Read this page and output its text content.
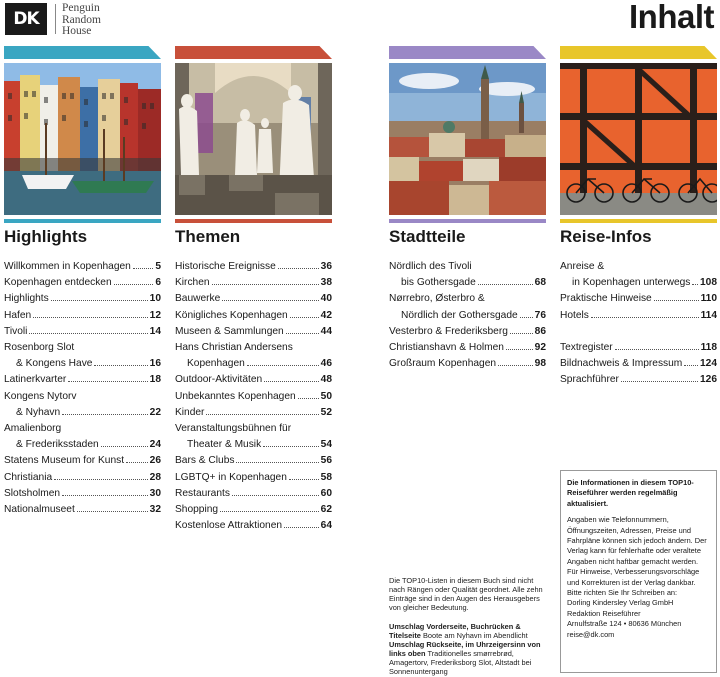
DK
Penguin
Random
House	Inhalt
Highlights
Willkommen in Kopenhagen 5
Kopenhagen entdecken	6
Highlights	10
Hafen	12
Tivoli	14
Rosenborg Slot
& Kongens Have	16
Latinerkvarter	18
Kongens Nytorv
& Nyhavn	22
Amalienborg
& Frederiksstaden	24
Statens Museum for Kunst	26
Christiania	28
Slotsholmen	30
Nationalmuseet	32
Themen
Historische Ereignisse	36
Kirchen	38
Bauwerke	40
Königliches Kopenhagen	42
Museen & Sammlungen	44
Hans Christian Andersens
Kopenhagen	46
Outdoor-Aktivitäten	48
Unbekanntes Kopenhagen 50
Kinder	52
Veranstaltungsbühnen für
Theater & Musik	54
Bars & Clubs	56
LGBTQ+ in Kopenhagen	58
Restaurants	60
Shopping	62
Kostenlose Attraktionen	64
Stadtteile
Nördlich des Tivoli
bis Gothersgade	68
Nørrebro, Østerbro &
Nördlich der Gothersgade 76
Vesterbro & Frederiksberg	86
Christianshavn & Holmen	92
Großraum Kopenhagen	98
Reise-Infos
Anreise &
in Kopenhagen unterwegs 108
Praktische Hinweise	110
Hotels	114
Textregister	118
Bildnachweis & Impressum 124
Sprachführer	126
Die TOP10-Listen in diesem Buch sind nicht nach Rängen oder Qualität geordnet. Alle zehn Einträge sind in den Augen des Herausgebers von gleicher Bedeutung.
Umschlag Vorderseite, Buchrücken & Titelseite Boote am Nyhavn im Abendlicht
Umschlag Rückseite, im Uhrzeigersinn von links oben Traditionelles smørrebrød, Amagertorv, Frederiksborg Slot, Altstadt bei Sonnenuntergang
Die Informationen in diesem TOP10-Reiseführer werden regelmäßig aktualisiert.

Angaben wie Telefonnummern, Öffnungszeiten, Adressen, Preise und Fahrpläne können sich jedoch ändern. Der Verlag kann für fehlerhafte oder veraltete Angaben nicht haftbar gemacht werden. Für Hinweise, Verbesserungsvorschläge und Korrekturen ist der Verlag dankbar. Bitte richten Sie Ihr Schreiben an:

Dorling Kindersley Verlag GmbH

Redaktion Reiseführer

Arnulfstraße 124 • 80636 München

reise@dk.com
